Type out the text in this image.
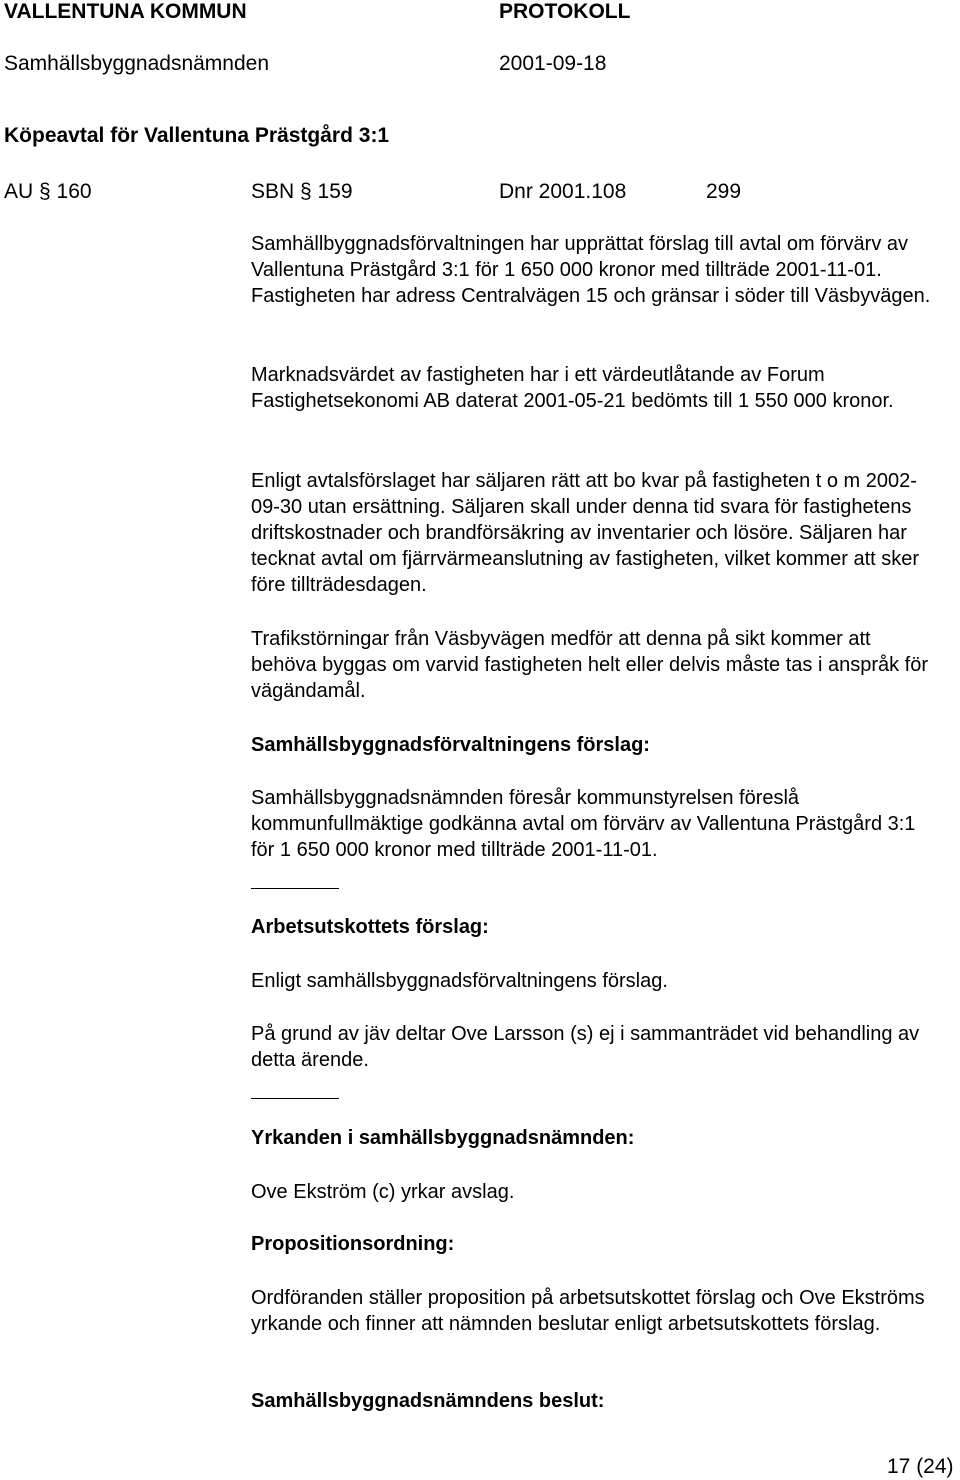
VALLENTUNA KOMMUN	PROTOKOLL
Samhällsbyggnadsnämnden	2001-09-18
Köpeavtal för Vallentuna Prästgård 3:1
AU § 160	SBN § 159	Dnr 2001.108	299

Samhällbyggnadsförvaltningen har upprättat förslag till avtal om förvärv av Vallentuna Prästgård 3:1 för 1 650 000 kronor med tillträde 2001-11-01. Fastigheten har adress Centralvägen 15 och gränsar i söder till Väsbyvägen.

Marknadsvärdet av fastigheten har i ett värdeutlåtande av Forum Fastighetsekonomi AB daterat 2001-05-21 bedömts till 1 550 000 kronor.

Enligt avtalsförslaget har säljaren rätt att bo kvar på fastigheten t o m 2002-09-30 utan ersättning. Säljaren skall under denna tid svara för fastighetens driftskostnader och brandförsäkring av inventarier och lösöre. Säljaren har tecknat avtal om fjärrvärmeanslutning av fastigheten, vilket kommer att sker före tillträdesdagen.

Trafikstörningar från Väsbyvägen medför att denna på sikt kommer att behöva byggas om varvid fastigheten helt eller delvis måste tas i anspråk för vägändamål.

Samhällsbyggnadsförvaltningens förslag:

Samhällsbyggnadsnämnden föresår kommunstyrelsen föreslå kommunfullmäktige godkänna avtal om förvärv av Vallentuna Prästgård 3:1 för 1 650 000 kronor med tillträde 2001-11-01.

Arbetsutskottets förslag:
Enligt samhällsbyggnadsförvaltningens förslag.

På grund av jäv deltar Ove Larsson (s) ej i sammanträdet vid behandling av detta ärende.

Yrkanden i samhällsbyggnadsnämnden:
Ove Ekström (c) yrkar avslag.
Propositionsordning:

Ordföranden ställer proposition på arbetsutskottet förslag och Ove Ekströms yrkande och finner att nämnden beslutar enligt arbetsutskottets förslag.

Samhällsbyggnadsnämndens beslut:
17 (24)
